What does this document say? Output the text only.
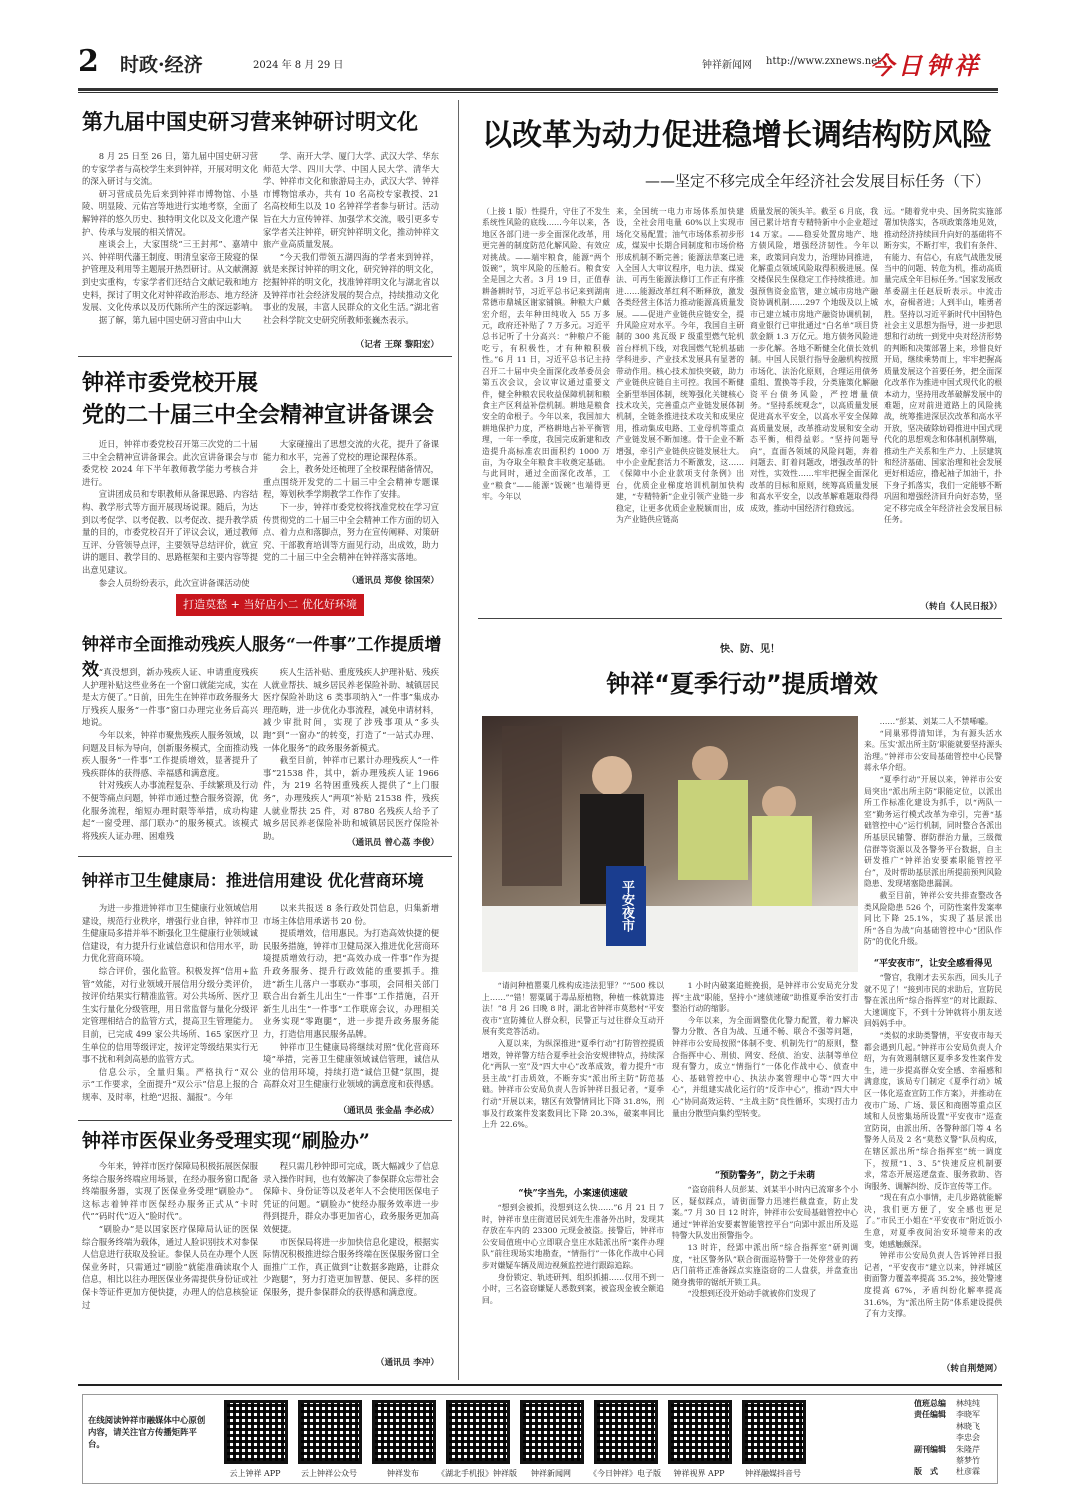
2 时政·经济	2024 年 8 月 29 日	钟祥新闻网 http://www.zxnews.net
今日钟祥
第九届中国史研习营来钟研讨明文化

8 月 25 日至 26 日，第九届中国史研习营的专家学者与高校学生来到钟祥，开展对明文化的深入研讨与交流。

研习营成员先后来到钟祥市博物馆、小垦陵、明显陵、元佑宫等地进行实地考察，全面了解钟祥的悠久历史、独特明文化以及文化遗产保护、传承与发展的相关情况。

座谈会上，大家围绕“三王封邦”、嘉靖中兴、钟祥明代藩王制度、明清皇家帝王陵寝的保护管理及利用等主题展开热烈研讨。从文献溯源到史实重构，专家学者们还结合文献记载和地方史料，探讨了明文化对钟祥政治形态、地方经济发展、文化传承以及历代陈所产生的深远影响。

据了解，第九届中国史研习营由中山大

学、南开大学、厦门大学、武汉大学、华东师范大学、四川大学、中国人民大学、清华大学、钟祥市文化和旅游局主办，武汉大学、钟祥市博物馆承办，共有 10 名高校专家教授、21 名高校师生以及 10 名钟祥学者参与研讨。活动旨在大力宣传钟祥、加强学术交流，吸引更多专家学者关注钟祥，研究钟祥明文化，推动钟祥文旅产业高质量发展。

“今天我们带领五湖四海的学者来到钟祥，就是来探讨钟祥的明文化，研究钟祥的明文化，挖掘钟祥的明文化，找准钟祥明文化与湖北省以及钟祥市社会经济发展的契合点，持续推动文化事业的发展，丰富人民群众的文化生活。”湖北省社会科学院文史研究所教师张巍杰表示。

（记者 王琛 黎阳宏）
钟祥市委党校开展
党的二十届三中全会精神宣讲备课会

近日，钟祥市委党校召开第三次党的二十届三中全会精神宣讲备课会。此次宣讲备课会与市委党校 2024 年下半年教师教学能力考核合并进行。

宣讲团成员和专职教师从备课思路、内容结构、教学形式等方面开展现场说课。随后，为达到以考促学、以考促教、以考促改、提升教学质量的目的，市委党校召开了评议会议，通过教师互评、分管领导点评，主要领导总结评价，就宣讲的题目、教学目的、思路框架和主要内容等提出意见建议。

参会人员纷纷表示，此次宣讲备课活动使

大家碰撞出了思想交流的火花，提升了备课能力和水平，完善了党校的理论课程体系。

会上，教务处还梳理了全校课程储备情况，重点围绕开发党的二十届三中全会精神专题课程，筹划秋季学期教学工作作了安排。

下一步，钟祥市委党校将找准党校在学习宣传贯彻党的二十届三中全会精神工作方面的切入点、着力点和落脚点，努力在宣传阐释、对策研究、干部教育培训等方面见行动，出成效，助力党的二十届三中全会精神在钟祥落实落地。

（通讯员 郑俊 徐国荣）
打造莫愁 + 当好店小二 优化好环境
钟祥市全面推动残疾人服务“一件事”工作提质增效 “真没想到，新办残疾人证、申请重度残疾人护理补贴这些业务在一个窗口就能完成，实在是太方便了。”日前，田先生在钟祥市政务服务大厅残疾人服务“一件事”窗口办理完业务后高兴地说。

今年以来，钟祥市聚焦残疾人服务领域，以问题及目标为导向，创新服务模式，全面推动残疾人服务“一件事”工作提质增效，显著提升了残疾群体的获得感、幸福感和满意度。

针对残疾人办事流程复杂、手续繁琐及行动不便等痛点问题，钟祥市通过整合服务资源，优化服务流程，缩短办理时限等举措，成功构建起“一窗受理、部门联办”的服务模式。该模式将残疾人证办理、困难残

疾人生活补贴、重度残疾人护理补贴、残疾人就业帮扶、城乡居民养老保险补助、城镇居民医疗保险补助这 6 类事项纳入“一件事”集成办理范畴，进一步优化办事流程，减免申请材料，减少审批时间，实现了涉残事项从“多头跑”到“一窗办”的转变，打造了“一站式办理、一体化服务”的政务服务新模式。

截至目前，钟祥市已累计办理残疾人“一件事”21538 件，其中，新办理残疾人证 1966 件，为 219 名特困重残疾人提供了“上门服务”，办理残疾人“两项”补贴 21538 件，残疾人就业帮扶 25 件，对 8780 名残疾人给予了城乡居民养老保险补助和城镇居民医疗保险补助。

（通讯员 曾心荔 李俊）
钟祥市卫生健康局：推进信用建设 优化营商环境

为进一步推进钟祥市卫生健康行业领域信用建设，规范行业秩序，增强行业自律，钟祥市卫生健康局多措并举不断强化卫生健康行业领域诚信建设，有力提升行业诚信意识和信用水平，助力优化营商环境。

综合评价，强化监管。积极发挥“信用+监管”效能，对行业领域开展信用分级分类评价，按评价结果实行精准监管。对公共场所、医疗卫生实行量化分级管理，用日常监督与量化分级评定管理相结合的监管方式，提高卫生管理能力。目前，已完成 499 家公共场所、165 家医疗卫生单位的信用等级评定，按评定等级结果实行无事不扰和利剑高悬的监管方式。

信息公示，全量归集。严格执行“双公示”工作要求，全面提升“双公示”信息上报的合规率、及时率，杜绝“迟报、漏报”。今年

以来共报送 8 条行政处罚信息，归集新增市场主体信用承诺书 20 份。

提质增效，信用惠民。为打造高效快捷的便民服务措施，钟祥市卫健局深入推进优化营商环境提质增效行动，把“高效办成一件事”作为提升政务服务、提升行政效能的重要抓手。推进“新生儿落户一事联办”事项，会同相关部门联合出台新生儿出生“一件事”工作措施，召开新生儿出生“一件事”工作联席会议，办理相关业务实现“零跑腿”，进一步提升政务服务能力，打造信用惠民服务品牌。

钟祥市卫生健康局将继续对照“优化营商环境”举措，完善卫生健康领域诚信管理，诚信从业的信用环境，持续打造“诚信卫健”氛围，提高群众对卫生健康行业领域的满意度和获得感。

（通讯员 张金晶 李必成）
钟祥市医保业务受理实现“刷脸办”

今年来，钟祥市医疗保障局积极拓展医保服务综合服务终端应用场景，在经办服务窗口配备终端服务器，实现了医保业务受理“刷脸办”。这标志着钟祥市医保经办服务正式从“卡时代”“码时代”迈入“脸时代”。

“刷脸办”是以国家医疗保障局认证的医保综合服务终端为载体，通过人脸识别技术对参保人信息进行获取及验证。参保人员在办理个人医保业务时，只需通过“刷脸”就能准确读取个人信息，相比以往办理医保业务需提供身份证或社保卡等证件更加方便快捷，办理人的信息核验证过

程只需几秒钟即可完成，既大幅减少了信息录入操作时间，也有效解决了参保群众忘带社会保障卡、身份证等以及老年人不会使用医保电子凭证的问题。“刷脸办”使经办服务效率进一步得到提升，群众办事更加省心，政务服务更加高效便捷。

市医保局将进一步加快信息化建设，根据实际情况积极推进综合服务终端在医保服务窗口全面推广工作，真正做到“让数据多跑路，让群众少跑腿”，努力打造更加智慧、便民、多样的医保服务，提升参保群众的获得感和满意度。

（通讯员 李冲）
以改革为动力促进稳增长调结构防风险
——坚定不移完成全年经济社会发展目标任务（下）
（上接 1 版）性提升，守住了不发生系统性风险的底线……今年以来，各地区各部门进一步全面深化改革，用更完善的制度防范化解风险、有效应对挑战。——端牢粮食，能源“两个饭碗”，筑牢风险的压舱石。粮食安全是国之大者。3 月 19 日，正值春耕备耕时节，习近平总书记来到湖南常德市鼎城区谢家铺镇。种粮大户戴宏介绍，去年种田纯收入 55 万多元，政府还补贴了 7 万多元。习近平总书记听了十分高兴：“种粮户不能吃亏，有积极性，才有种粮积极性。”6 月 11 日，习近平总书记主持召开二十届中央全面深化改革委员会第五次会议，会议审议通过重要文件，健全种粮农民收益保障机制和粮食主产区利益补偿机制。耕地是粮食安全的命根子。今年以来，我国加大耕地保护力度，严格耕地占补平衡管理，一年一季度，我国完成新建和改造提升高标准农田面积约 1000 万亩，为夺取全年粮食丰收奠定基础。与此同时，通过全面深化改革，工业“粮食”——能源“饭碗”也端得更牢。今年以
来，全国统一电力市场体系加快建设，全社会用电量 60%以上实现市场化交易配置；油气市场体系初步形成，煤炭中长期合同制度和市场价格形成机制不断完善；能源法草案已进入全国人大审议程序，电力法、煤炭法、可再生能源法修订工作正有序推进……能源改革红利不断释放，激发各类经营主体活力推动能源高质量发展。——促进产业链供应链安全，提升风险应对水平。今年，我国自主研制的 300 兆瓦级 F 级重型燃气轮机首台样机下线，对我国燃气轮机基础学科进步、产业技术发展具有显著的带动作用。核心技术加快突破，助力产业链供应链自主可控。我国不断健全新型举国体制，统筹强化关键核心技术攻关，完善重点产业链发展体制机制，全链条推进技术攻关和成果应用，推动集成电路、工业母机等重点产业链发展不断加速。骨干企业不断增强，牵引产业链供应链发展壮大。中小企业配套活力不断激发，这……《保障中小企业款项支付条例》出台，优质企业梯度培训机制加快构建，“专精特新”企业引领产业链一步稳定，让更多优质企业脱颖而出，成为产业链供应链高
质量发展的领头羊。截至 6 月底，我国已累计培育专精特新中小企业超过 14 万家。——稳妥处置房地产、地方债风险，增强经济韧性。今年以来，政策同向发力，治理协同推进，化解重点领域风险取得积极进展。保交楼保民生保稳定工作持续推进。加强预售资金监管，建立城市房地产融资协调机制……297 个地级及以上城市已建立城市房地产融资协调机制，商业银行已审批通过“白名单”项目贷款金额 1.3 万亿元。地方债务风险进一步化解。各地不断健全化债长效机制。中国人民银行指导金融机构按照市场化、法治化原则，合理运用债务重组、置换等手段，分类施策化解融资平台债务风险，严控增量债务。“坚持系统观念”，以高质量发展促进高水平安全，以高水平安全保障高质量发展，改革推动发展和安全动态平衡，相得益彰。“坚持问题导向”，直面各领域的风险问题，奔着问题去、盯着问题改，增强改革的针对性，实效性……牢牢把握全面深化改革的目标和原则，统筹高质量发展和高水平安全，以改革解难题取得得成效，推动中国经济行稳致远。
远。“随着党中央、国务院实施部署加快落实，各项政策落地见效，推动经济持续回升向好的基础将不断夯实，不断打牢，我们有条件、有能力、有信心，有底气战胜发展当中的问题、转危为机，推动高质量完成全年目标任务。”国家发展改革委副主任赵辰昕表示。中流击水，奋楫者进；人到半山，唯勇者胜。坚持以习近平新时代中国特色社会主义思想为指导，进一步把思想和行动统一到党中央对经济形势的判断和决策部署上来，珍惜良好开局，继续乘势而上，牢牢把握高质量发展这个首要任务，把全面深化改革作为推进中国式现代化的根本动力，坚持用改革破解发展中的难题，应对前进道路上的风险挑战，统筹推进深层次改革和高水平开放，坚决破除妨碍推进中国式现代化的思想观念和体制机制弊端，推动生产关系和生产力、上层建筑和经济基础、国家治理和社会发展更好相适应，撸起袖子加油干，扑下身子抓落实，我们一定能够不断巩固和增强经济回升向好态势，坚定不移完成全年经济社会发展目标任务。
（转自《人民日报》）
快、防、见！
钟祥“夏季行动”提质增效
平安夜市

……”彭某、刘某二人不禁唏嘘。

“同巢邪得清知详，为有源头活水来。压实‘派出所主防’职能就要坚持源头治理。”钟祥市公安局基础管控中心民警蒋永华介绍。

“夏季行动”开展以来，钟祥市公安局突出“派出所主防”职能定位，以派出所工作标准化建设为抓手，以“两队一室”勤务运行模式改革为牵引，完善“基础管控中心”运行机制，同时整合各派出所基层民辅警、群防群治力量，三级微信群等资源以及各警务平台数据，自主研发推广“钟祥治安要素职能管控平台”，及时帮助基层派出所提前预判风险隐患、发现堵塞隐患漏洞。

截至目前，钟祥公安共排查整改各类风险隐患 526 个，可防性案件发案率同比下降 25.1%，实现了基层派出所“各自为战”向基础管控中心“团队作防”的优化升级。

“平安夜市”，让安全感看得见

“警官，我刚才去买东西，回头儿子就不见了！”接到市民的求助后，宣防民警在派出所“综合指挥室”的对比跟踪、大速调度下，不到十分钟就将小朋友送回妈妈手中。

“类似的求助类警情，平安夜市每天都会遇到几起。”钟祥市公安局负责人介绍，为有效遏制辖区夏季多发性案件发生，进一步提高群众安全感、幸福感和满意度，该局专门制定《夏季行动》城区一体化巡查宣防工作方案》，并推动在夜市广场、广场、景区和商圈等重点区域和人员密集场所设置“平安夜市”巡查宣防岗，由派出所、各警种部门等 4 名警务人员及 2 名“莫愁义警”队员构成，在辖区派出所“综合指挥室”统一调度下，按照“1、3、5”快速反应机制要求，常态开展巡逻盘查、服务救助、咨询服务、调解纠纷、反诈宣传等工作。

“现在有点小事情，走几步路就能解决，我们更方便了，安全感也更足了。”市民王小姐在“平安夜市”附近饭小生意，对夏季夜间治安环境带来的改变，她感触颇深。

钟祥市公安局负责人告诉钟祥日报记者，“平安夜市”建立以来，钟祥城区街面警力覆盖率提高 35.2%，接处警速度提高 67%，矛盾纠纷化解率提高 31.6%，为“派出所主防”体系建设提供了有力支撑。

（转自荆楚网）

“请问种植罂粟几株构成违法犯罪？”“500 株以上……”“错！罂粟属于毒品原植物，种植一株就算违法！”8 月 26 日晚 8 时，湖北省钟祥市莫愁村“平安夜市”宣防摊位人群众积，民警正与过往群众互动开展有奖竞答活动。

入夏以来，为纵深推进“夏季行动”打防管控提质增效，钟祥警方结合夏季社会治安规律特点，持续深化“两队一室”及“四大中心”改革成效，着力提升“市县主战”打击质效，不断夯实“派出所主防”防范基础。钟祥市公安局负责人告诉钟祥日报记者，“夏季行动”开展以来，辖区有效警情同比下降 31.8%，刑事及行政案件发案数同比下降 20.3%，破案率同比上升 22.6%。

“快”字当先，小案速侦速破

“想到会被抓，没想到这么快……”6 月 21 日 7 时，钟祥市皇庄街道居民刘先生准备外出时，发现其存放在车内的 23300 元现金被盗。接警后，钟祥市公安局值班中心立即联合皇庄水陆派出所“案件办理队”前往现场实地勘查，“情指行”一体化作战中心同步对嫌疑车辆及周边视频监控进行跟踪追踪。

身份锁定、轨迹研判、组织抓捕……仅用不到一小时，三名盗窃嫌疑人悉数到案，被盗现金被全额追回。

1 小时内破案追赃挽损，是钟祥市公安局充分发挥“主战”职能，坚持小“速侦速破”助推夏季治安打击整治行动的缩影。

今年以来，为全面调整优化警力配置，着力解决警力分散、各自为战、互通不畅、联合不强等问题，钟祥市公安局按照“体制不变、机制先行”的原则，整合指挥中心、刑侦、网安、经侦、治安、法制等单位现有警力，成立“情指行”一体化作战中心、侦查中心、基础管控中心、执法办案管理中心等“四大中心”，并组建实战化运行的“反诈中心”，推动“四大中心”协同高效运转、“主战主防”良性循环，实现打击力量由分散型向集约型转变。

“预防警务”，防之于未萌

“盗窃前科人员彭某、刘某半小时内已流窜多个小区，疑似踩点，请街面警力迅速拦截盘查，防止发案。”7 月 30 日 12 时许，钟祥市公安局基础管控中心通过“钟祥治安要素智能管控平台”向郢中派出所及巡特警大队发出预警指令。

13 时许，经郢中派出所“综合指挥室”研判调度，“社区警务队”联合街面巡特警于一处停营业的药店门前将正准备踩点实施盗窃的二人盘获，并盘查出随身携带的锯纸开锁工具。

“没想到还没开始动手就被你们发现了

在线阅读钟祥市融媒体中心原创内容，请关注官方传播矩阵平台。
云上钟祥 APP	云上钟祥公众号	钟祥发布	《湖北手机报》钟祥版	钟祥新闻网	《今日钟祥》电子版	钟祥视界 APP	钟祥融媒抖音号
值班总编 林纯纯
责任编辑 李晓军
林晓飞
李忠会
副刊编辑 朱隆芹
蔡梦竹
版　式 杜彦霖
